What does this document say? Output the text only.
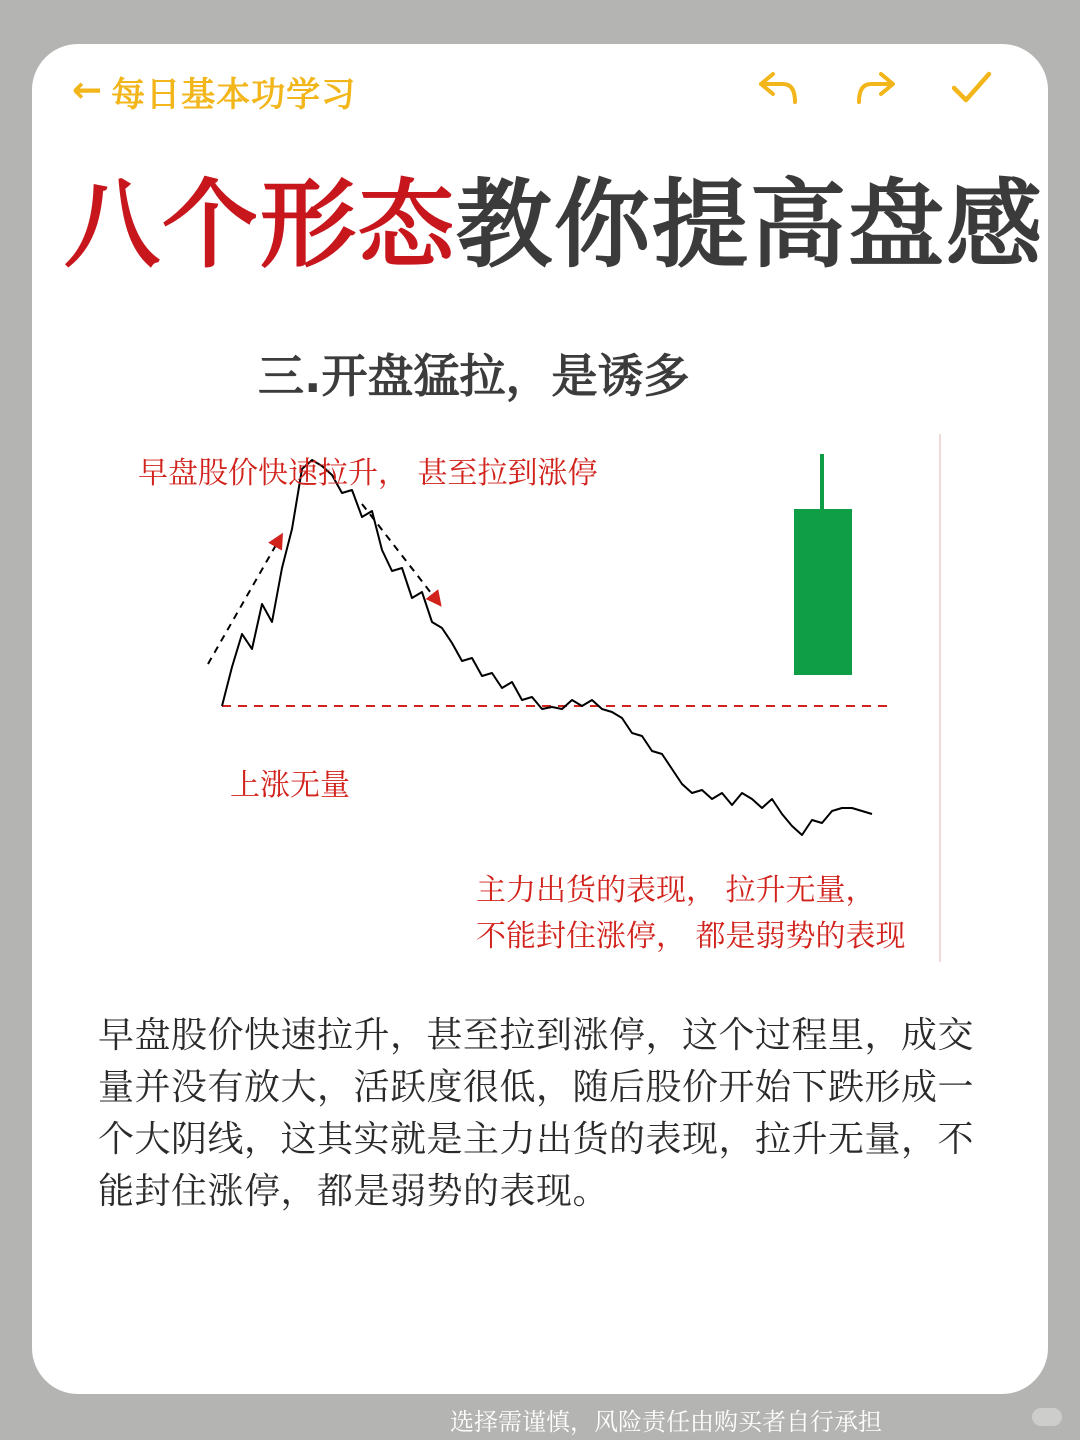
← 每日基本功学习
八个形态教你提高盘感
三.开盘猛拉，是诱多
早盘股价快速拉升， 甚至拉到涨停
上涨无量
主力出货的表现， 拉升无量，
不能封住涨停， 都是弱势的表现
早盘股价快速拉升，甚至拉到涨停，这个过程里，成交量并没有放大，活跃度很低，随后股价开始下跌形成一个大阴线，这其实就是主力出货的表现，拉升无量，不能封住涨停，都是弱势的表现。
选择需谨慎，风险责任由购买者自行承担
